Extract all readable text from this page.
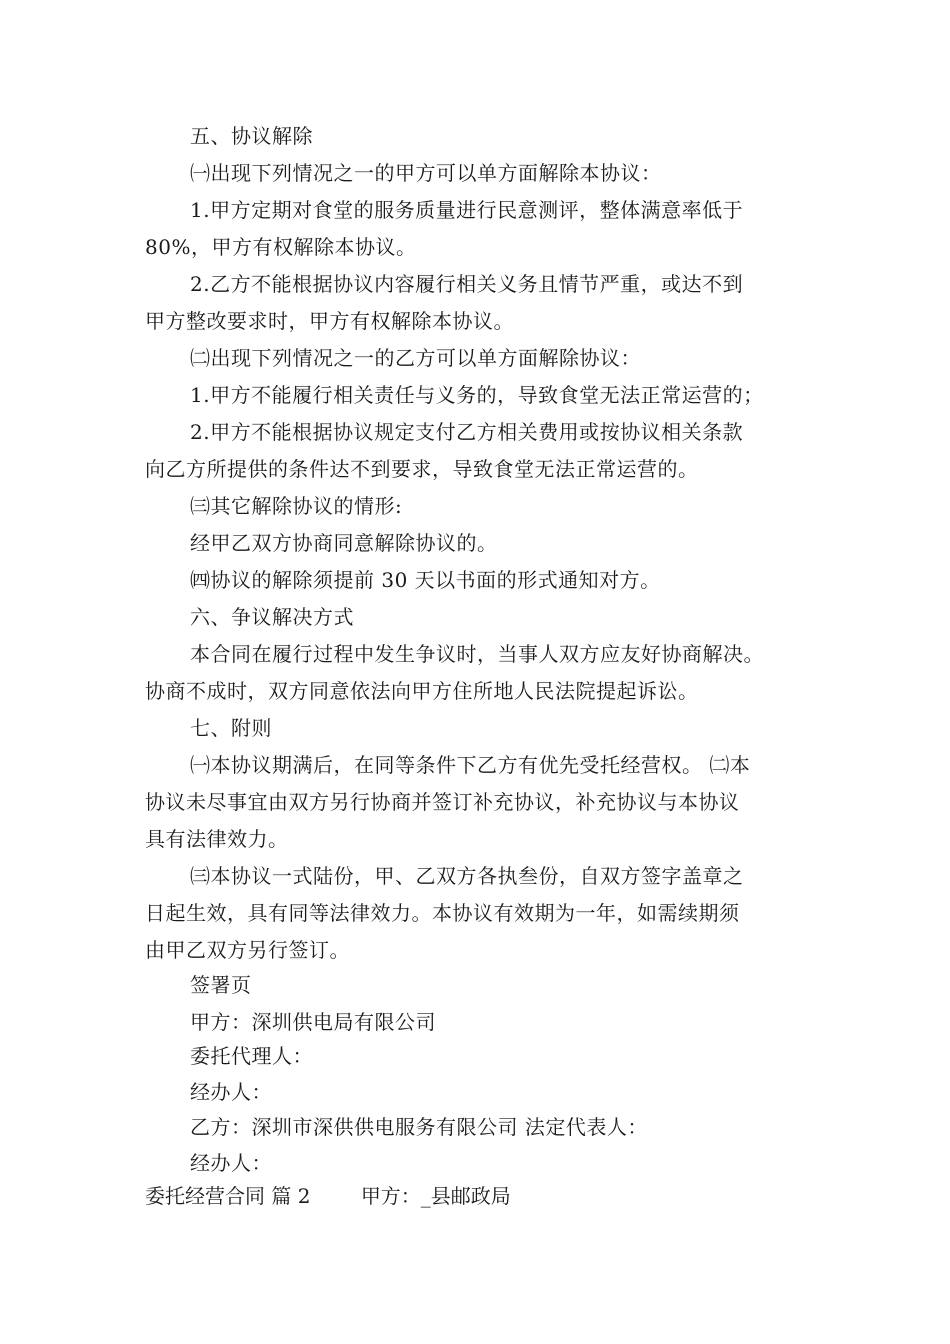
五、协议解除
㈠出现下列情况之一的甲方可以单方面解除本协议：
1.甲方定期对食堂的服务质量进行民意测评，整体满意率低于
80%，甲方有权解除本协议。
2.乙方不能根据协议内容履行相关义务且情节严重，或达不到
甲方整改要求时，甲方有权解除本协议。
㈡出现下列情况之一的乙方可以单方面解除协议：
1.甲方不能履行相关责任与义务的，导致食堂无法正常运营的；
2.甲方不能根据协议规定支付乙方相关费用或按协议相关条款
向乙方所提供的条件达不到要求，导致食堂无法正常运营的。
㈢其它解除协议的情形:
经甲乙双方协商同意解除协议的。
㈣协议的解除须提前 30 天以书面的形式通知对方。
六、争议解决方式
本合同在履行过程中发生争议时，当事人双方应友好协商解决。
协商不成时，双方同意依法向甲方住所地人民法院提起诉讼。
七、附则
㈠本协议期满后，在同等条件下乙方有优先受托经营权。 ㈡本
协议未尽事宜由双方另行协商并签订补充协议，补充协议与本协议
具有法律效力。
㈢本协议一式陆份，甲、乙双方各执叁份，自双方签字盖章之
日起生效，具有同等法律效力。本协议有效期为一年，如需续期须
由甲乙双方另行签订。
签署页
甲方：深圳供电局有限公司
委托代理人：
经办人：
乙方：深圳市深供供电服务有限公司 法定代表人：
经办人：
委托经营合同 篇 2	甲方：_县邮政局
